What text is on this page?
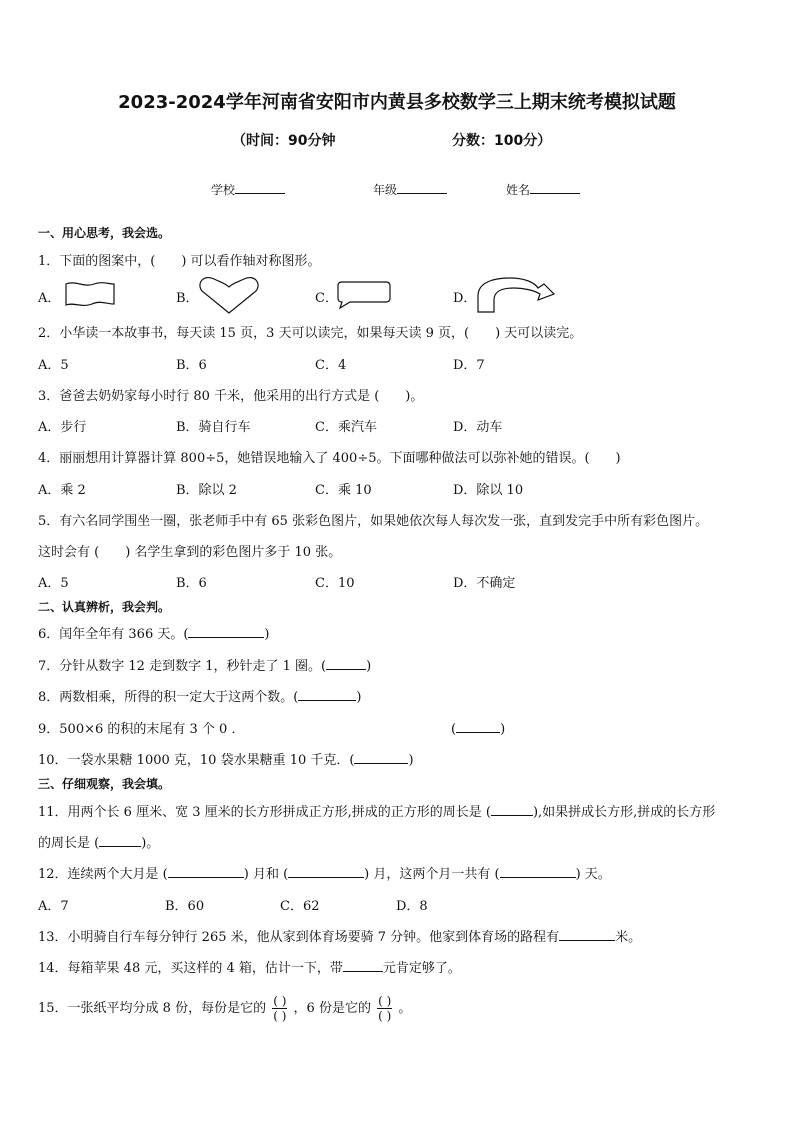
2023-2024学年河南省安阳市内黄县多校数学三上期末统考模拟试题
（时间：90分钟	分数：100分）
学校	年级	姓名
一、用心思考，我会选。
1．下面的图案中，(　　) 可以看作轴对称图形。
A．	B．	C．	D．
2．小华读一本故事书，每天读 15 页，3 天可以读完，如果每天读 9 页，(　　) 天可以读完。
A．5	B．6	C．4	D．7
3．爸爸去奶奶家每小时行 80 千米，他采用的出行方式是 (　　)。
A．步行	B．骑自行车	C．乘汽车	D．动车
4．丽丽想用计算器计算 800÷5，她错误地输入了 400÷5。下面哪种做法可以弥补她的错误。(　　)
A．乘 2	B．除以 2	C．乘 10	D．除以 10
5．有六名同学围坐一圈，张老师手中有 65 张彩色图片，如果她依次每人每次发一张，直到发完手中所有彩色图片。
这时会有 (　　) 名学生拿到的彩色图片多于 10 张。
A．5	B．6	C．10	D．不确定
二、认真辨析，我会判。
6．闰年全年有 366 天。(	)
7．分针从数字 12 走到数字 1，秒针走了 1 圈。(	)
8．两数相乘，所得的积一定大于这两个数。(	)
9．500×6 的积的末尾有 3 个 0 ．	(	)
10．一袋水果糖 1000 克，10 袋水果糖重 10 千克．(	)
三、仔细观察，我会填。
11．用两个长 6 厘米、宽 3 厘米的长方形拼成正方形,拼成的正方形的周长是 (	),如果拼成长方形,拼成的长方形
的周长是 (	)。
12．连续两个大月是 (	) 月和 (	) 月，这两个月一共有 (	) 天。
A．7	B．60	C．62	D．8
13．小明骑自行车每分钟行 265 米，他从家到体育场要骑 7 分钟。他家到体育场的路程有	米。
14．每箱苹果 48 元，买这样的 4 箱，估计一下，带	元肯定够了。
15．一张纸平均分成 8 份，每份是它的 $\frac{( )}{( )}$ ，6 份是它的 $\frac{( )}{( )}$ 。
